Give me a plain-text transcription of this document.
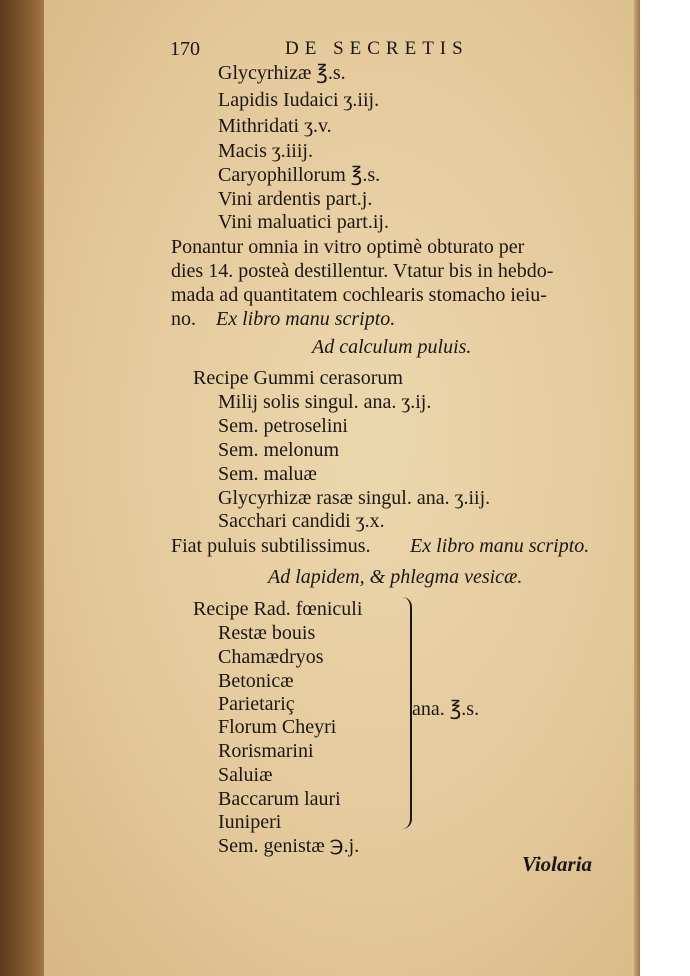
170	DE SECRETIS
Glycyrhizæ ℥.s.
Lapidis Iudaici ʒ.iij.
Mithridati ʒ.v.
Macis ʒ.iiij.
Caryophillorum ℥.s.
Vini ardentis part.j.
Vini maluatici part.ij.
Ponantur omnia in vitro optimè obturato per
dies 14. posteà destillentur. Vtatur bis in hebdo-
mada ad quantitatem cochlearis stomacho ieiu-
no. Ex libro manu scripto.
Ad calculum puluis.
Recipe Gummi cerasorum
Milij solis singul. ana. ʒ.ij.
Sem. petroselini
Sem. melonum
Sem. maluæ
Glycyrhizæ rasæ singul. ana. ʒ.iij.
Sacchari candidi ʒ.x.
Fiat puluis subtilissimus. Ex libro manu scripto.
Ad lapidem, & phlegma vesicæ.
Recipe Rad. fœniculi
Restæ bouis
Chamædryos
Betonicæ
Parietariç
Florum Cheyri
Rorismarini
Saluiæ
Baccarum lauri
Iuniperi
ana. ℥.s.
Sem. genistæ ℈.j.
Violaria
